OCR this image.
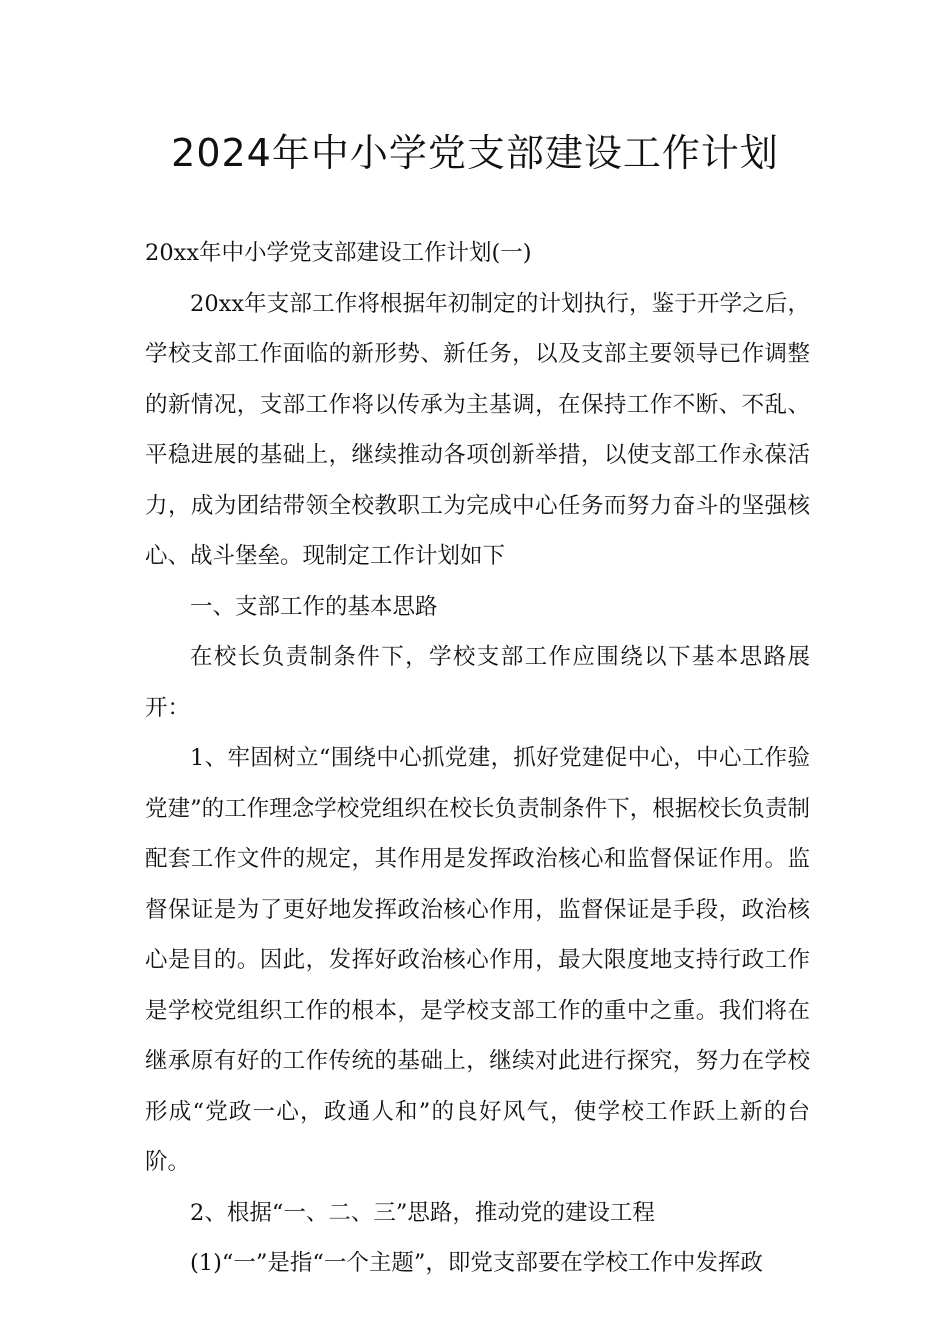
2024年中小学党支部建设工作计划

20xx年中小学党支部建设工作计划(一)

20xx年支部工作将根据年初制定的计划执行，鉴于开学之后，学校支部工作面临的新形势、新任务，以及支部主要领导已作调整的新情况，支部工作将以传承为主基调，在保持工作不断、不乱、平稳进展的基础上，继续推动各项创新举措，以使支部工作永葆活力，成为团结带领全校教职工为完成中心任务而努力奋斗的坚强核心、战斗堡垒。现制定工作计划如下

一、支部工作的基本思路

在校长负责制条件下，学校支部工作应围绕以下基本思路展开：

1、牢固树立“围绕中心抓党建，抓好党建促中心，中心工作验党建”的工作理念学校党组织在校长负责制条件下，根据校长负责制配套工作文件的规定，其作用是发挥政治核心和监督保证作用。监督保证是为了更好地发挥政治核心作用，监督保证是手段，政治核心是目的。因此，发挥好政治核心作用，最大限度地支持行政工作是学校党组织工作的根本，是学校支部工作的重中之重。我们将在继承原有好的工作传统的基础上，继续对此进行探究，努力在学校形成“党政一心，政通人和”的良好风气，使学校工作跃上新的台阶。

2、根据“一、二、三”思路，推动党的建设工程

(1)“一”是指“一个主题”，即党支部要在学校工作中发挥政
